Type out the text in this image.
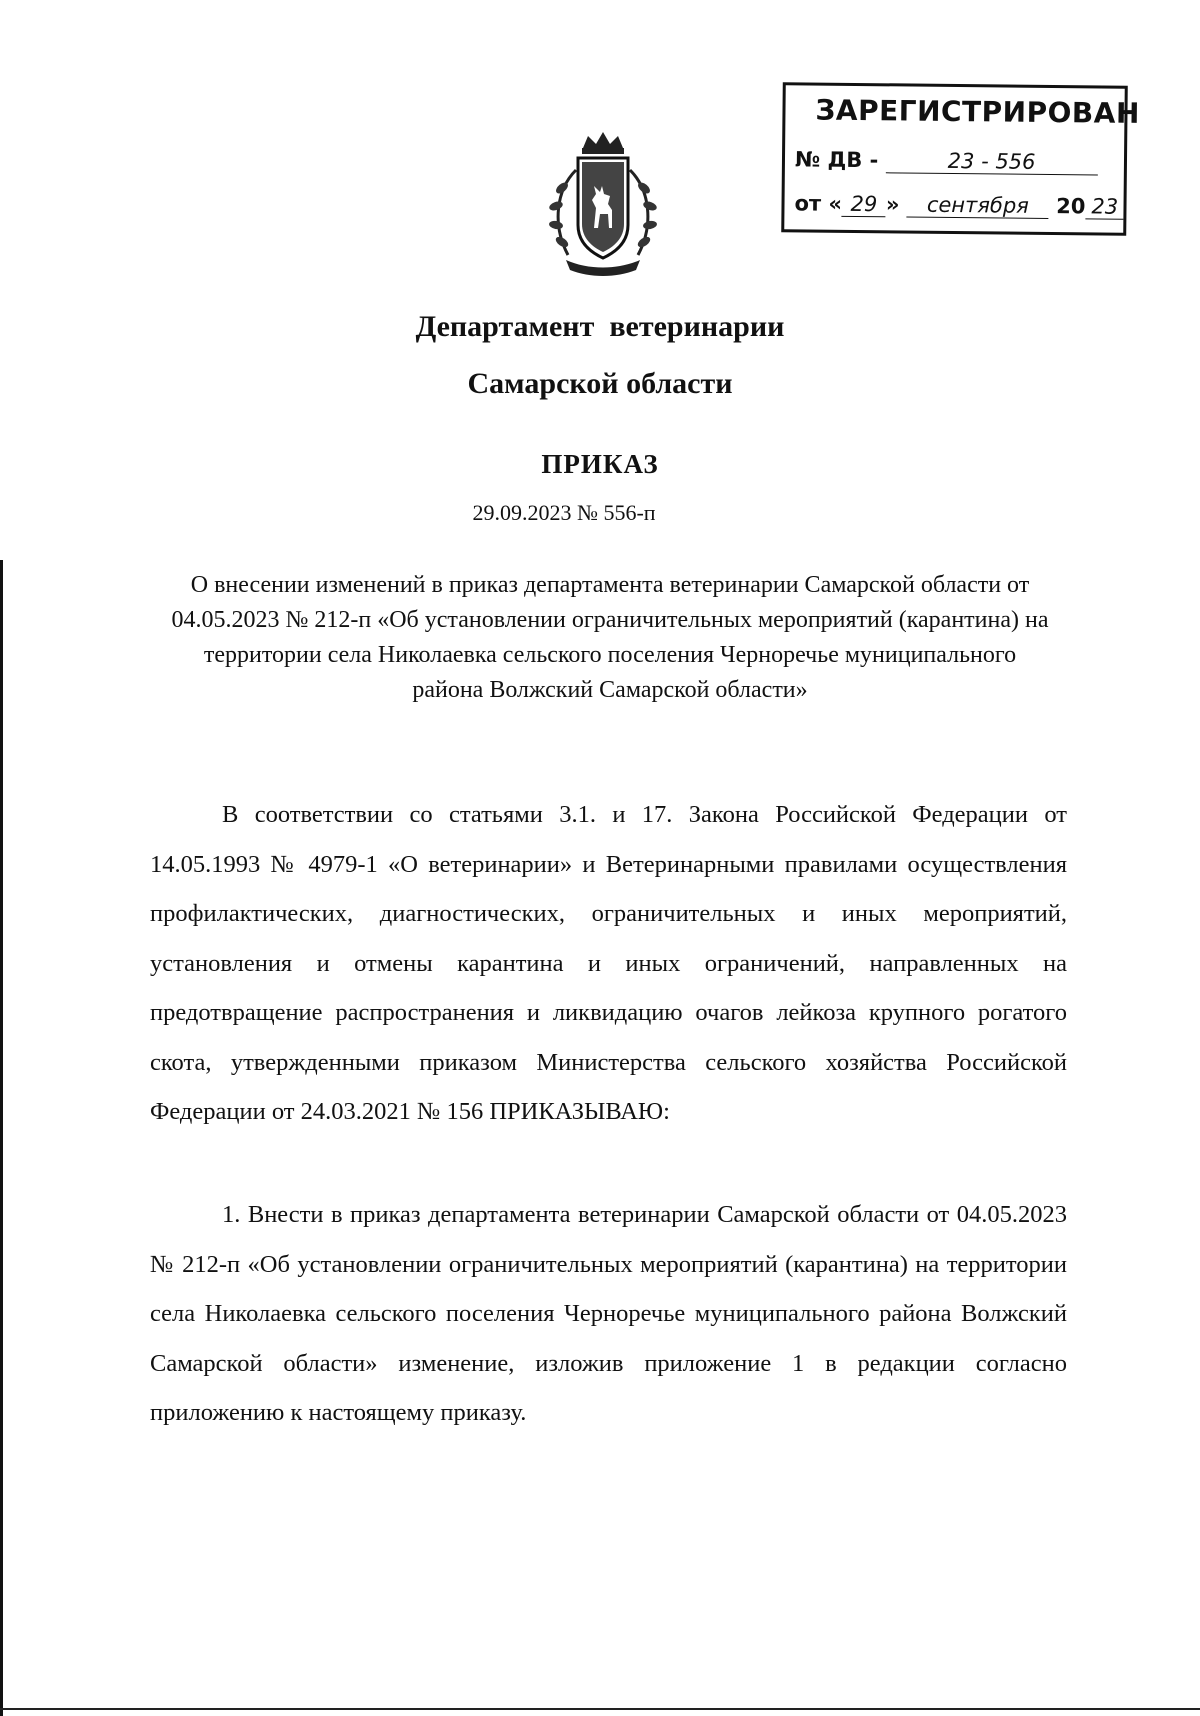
ЗАРЕГИСТРИРОВАН
№ ДВ -	23 - 556
от « 29 » сентября 20 23
Департамент  ветеринарии
Самарской области
ПРИКАЗ
29.09.2023 № 556-п
О внесении изменений в приказ департамента ветеринарии Самарской области от 04.05.2023 № 212-п «Об установлении ограничительных мероприятий (карантина) на территории села Николаевка сельского поселения Черноречье муниципального района Волжский Самарской области»

В соответствии со статьями 3.1. и 17. Закона Российской Федерации от 14.05.1993 № 4979-1 «О ветеринарии» и Ветеринарными правилами осуществления профилактических, диагностических, ограничительных и иных мероприятий, установления и отмены карантина и иных ограничений, направленных на предотвращение распространения и ликвидацию очагов лейкоза крупного рогатого скота, утвержденными приказом Министерства сельского хозяйства Российской Федерации от 24.03.2021 № 156 ПРИКАЗЫВАЮ:

1. Внести в приказ департамента ветеринарии Самарской области от 04.05.2023 № 212-п «Об установлении ограничительных мероприятий (карантина) на территории села Николаевка сельского поселения Черноречье муниципального района Волжский Самарской области» изменение, изложив приложение 1 в редакции согласно приложению к настоящему приказу.
